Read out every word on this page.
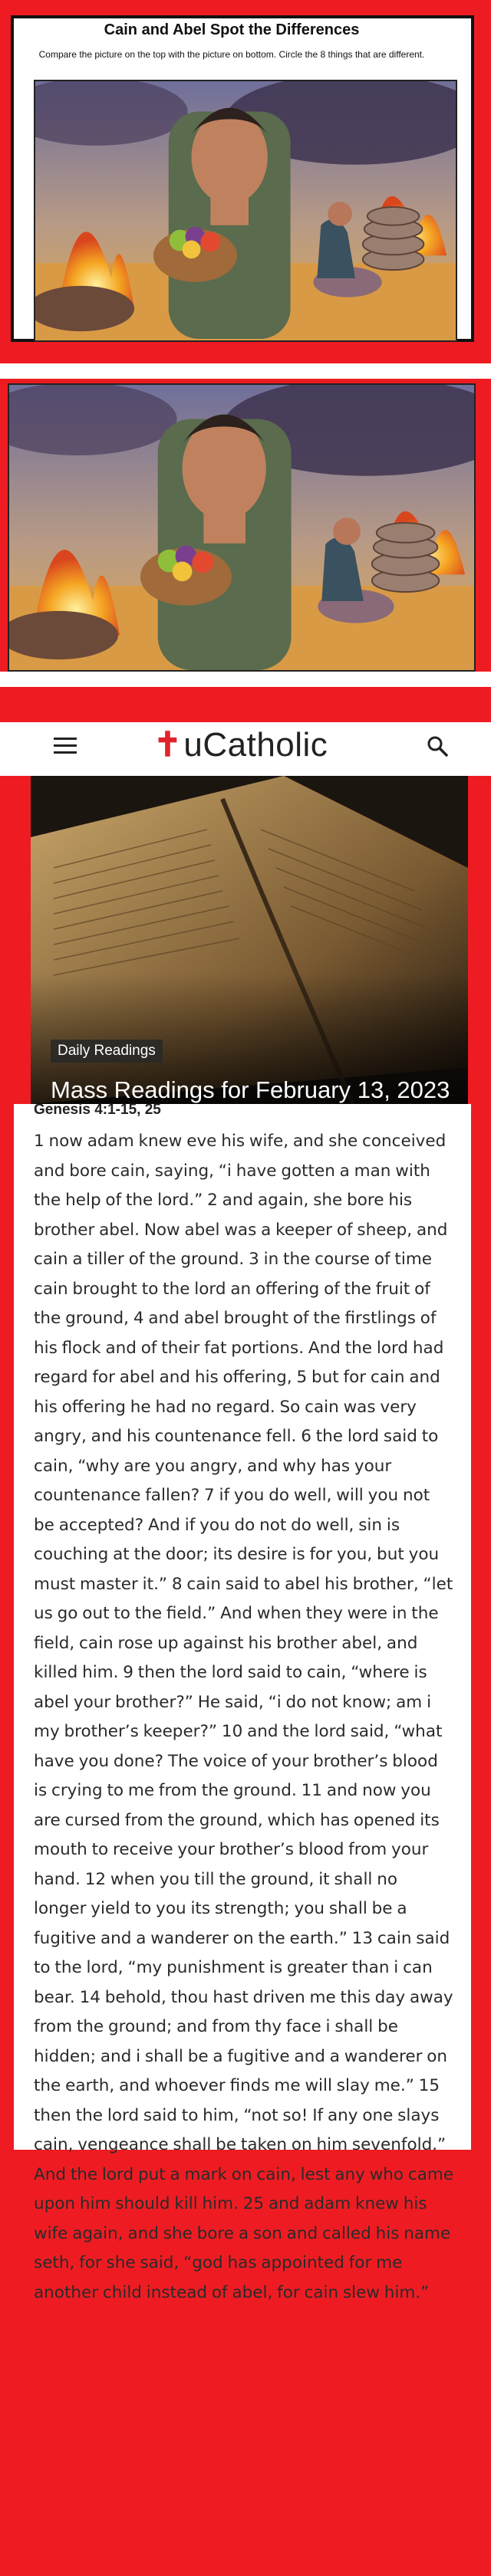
Cain and Abel Spot the Differences
Compare the picture on the top with the picture on bottom. Circle the 8 things that are different.
✝uCatholic
Daily Readings
Mass Readings for February 13, 2023
Genesis 4:1-15, 25
1 now adam knew eve his wife, and she conceived and bore cain, saying, “i have gotten a man with the help of the lord.” 2 and again, she bore his brother abel. Now abel was a keeper of sheep, and cain a tiller of the ground. 3 in the course of time cain brought to the lord an offering of the fruit of the ground, 4 and abel brought of the firstlings of his flock and of their fat portions. And the lord had regard for abel and his offering, 5 but for cain and his offering he had no regard. So cain was very angry, and his countenance fell. 6 the lord said to cain, “why are you angry, and why has your countenance fallen? 7 if you do well, will you not be accepted? And if you do not do well, sin is couching at the door; its desire is for you, but you must master it.” 8 cain said to abel his brother, “let us go out to the field.” And when they were in the field, cain rose up against his brother abel, and killed him. 9 then the lord said to cain, “where is abel your brother?” He said, “i do not know; am i my brother’s keeper?” 10 and the lord said, “what have you done? The voice of your brother’s blood is crying to me from the ground. 11 and now you are cursed from the ground, which has opened its mouth to receive your brother’s blood from your hand. 12 when you till the ground, it shall no longer yield to you its strength; you shall be a fugitive and a wanderer on the earth.” 13 cain said to the lord, “my punishment is greater than i can bear. 14 behold, thou hast driven me this day away from the ground; and from thy face i shall be hidden; and i shall be a fugitive and a wanderer on the earth, and whoever finds me will slay me.” 15 then the lord said to him, “not so! If any one slays cain, vengeance shall be taken on him sevenfold.” And the lord put a mark on cain, lest any who came upon him should kill him. 25 and adam knew his wife again, and she bore a son and called his name seth, for she said, “god has appointed for me another child instead of abel, for cain slew him.”
